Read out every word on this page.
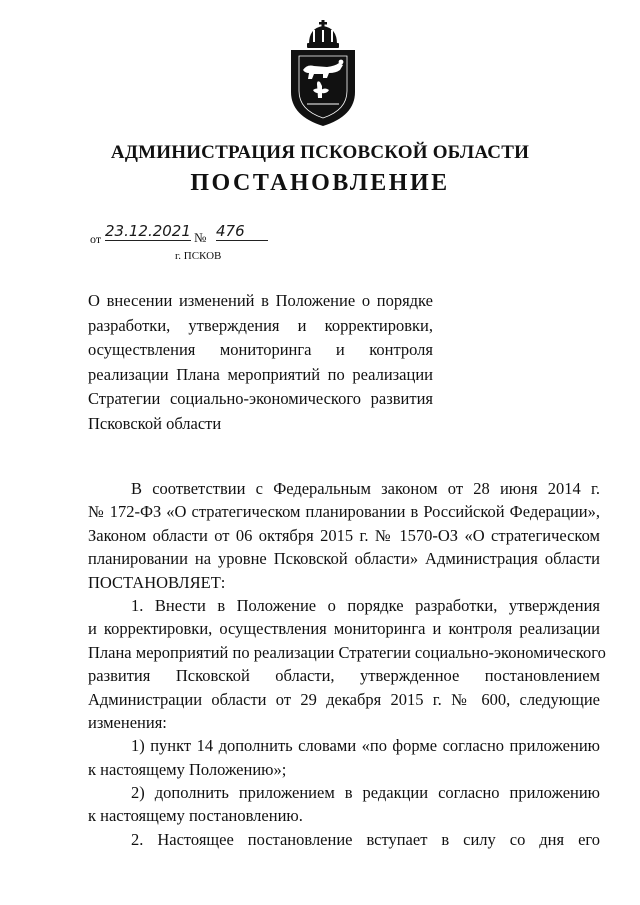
АДМИНИСТРАЦИЯ ПСКОВСКОЙ ОБЛАСТИ
ПОСТАНОВЛЕНИЕ
от 23.12.2021 № 476
г. ПСКОВ
О внесении изменений в Положение о порядке
разработки, утверждения и корректировки,
осуществления мониторинга и контроля
реализации Плана мероприятий по реализации
Стратегии социально-экономического развития
Псковской области
В соответствии с Федеральным законом от 28 июня 2014 г.
№ 172-ФЗ «О стратегическом планировании в Российской Федерации»,
Законом области от 06 октября 2015 г. № 1570-ОЗ «О стратегическом
планировании на уровне Псковской области» Администрация области
ПОСТАНОВЛЯЕТ:
1. Внести в Положение о порядке разработки, утверждения
и корректировки, осуществления мониторинга и контроля реализации
Плана мероприятий по реализации Стратегии социально-экономического
развития Псковской области, утвержденное постановлением
Администрации области от 29 декабря 2015 г. № 600, следующие
изменения:
1) пункт 14 дополнить словами «по форме согласно приложению
к настоящему Положению»;
2) дополнить приложением в редакции согласно приложению
к настоящему постановлению.
2. Настоящее постановление вступает в силу со дня его
